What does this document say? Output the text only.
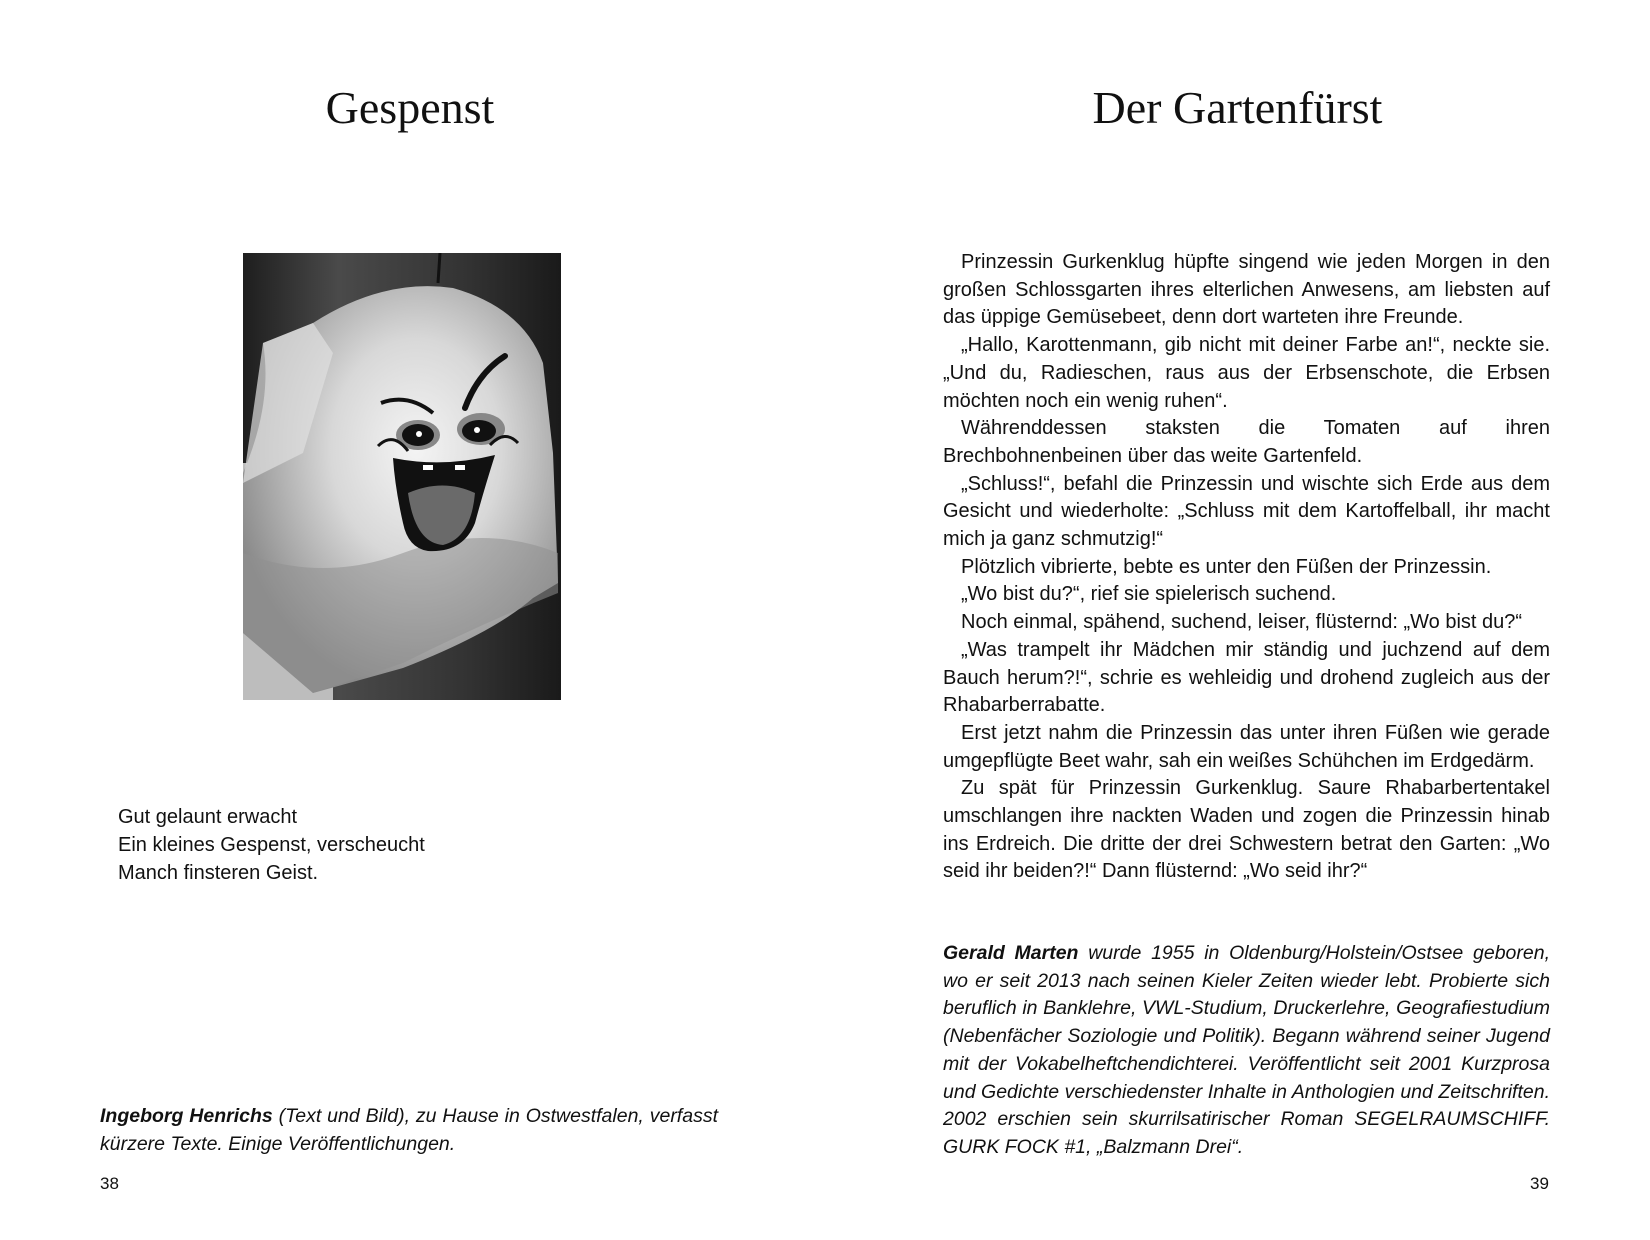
Gespenst
Gut gelaunt erwacht
Ein kleines Gespenst, verscheucht
Manch finsteren Geist.
Ingeborg Henrichs (Text und Bild), zu Hause in Ostwestfalen, verfasst kürzere Texte. Einige Veröffentlichungen.
38
Der Gartenfürst

Prinzessin Gurkenklug hüpfte singend wie jeden Morgen in den großen Schlossgarten ihres elterlichen Anwesens, am liebsten auf das üppige Gemüsebeet, denn dort warteten ihre Freunde.

„Hallo, Karottenmann, gib nicht mit deiner Farbe an!“, neckte sie. „Und du, Radieschen, raus aus der Erbsenschote, die Erbsen möchten noch ein wenig ruhen“.

Währenddessen staksten die Tomaten auf ihren Brechbohnenbeinen über das weite Gartenfeld.

„Schluss!“, befahl die Prinzessin und wischte sich Erde aus dem Gesicht und wiederholte: „Schluss mit dem Kartoffelball, ihr macht mich ja ganz schmutzig!“

Plötzlich vibrierte, bebte es unter den Füßen der Prinzessin.

„Wo bist du?“, rief sie spielerisch suchend.

Noch einmal, spähend, suchend, leiser, flüsternd: „Wo bist du?“

„Was trampelt ihr Mädchen mir ständig und juchzend auf dem Bauch herum?!“, schrie es wehleidig und drohend zugleich aus der Rhabarberrabatte.

Erst jetzt nahm die Prinzessin das unter ihren Füßen wie gerade umgepflügte Beet wahr, sah ein weißes Schühchen im Erdgedärm.

Zu spät für Prinzessin Gurkenklug. Saure Rhabarbertentakel umschlangen ihre nackten Waden und zogen die Prinzessin hinab ins Erdreich. Die dritte der drei Schwestern betrat den Garten: „Wo seid ihr beiden?!“ Dann flüsternd: „Wo seid ihr?“

Gerald Marten wurde 1955 in Oldenburg/Holstein/Ostsee geboren, wo er seit 2013 nach seinen Kieler Zeiten wieder lebt. Probierte sich beruflich in Banklehre, VWL-Studium, Druckerlehre, Geografiestudium (Nebenfächer Soziologie und Politik). Begann während seiner Jugend mit der Vokabelheftchendichterei. Veröffentlicht seit 2001 Kurzprosa und Gedichte verschiedenster Inhalte in Anthologien und Zeitschriften. 2002 erschien sein skurrilsatirischer Roman SEGELRAUMSCHIFF. GURK FOCK #1, „Balzmann Drei“.
39
